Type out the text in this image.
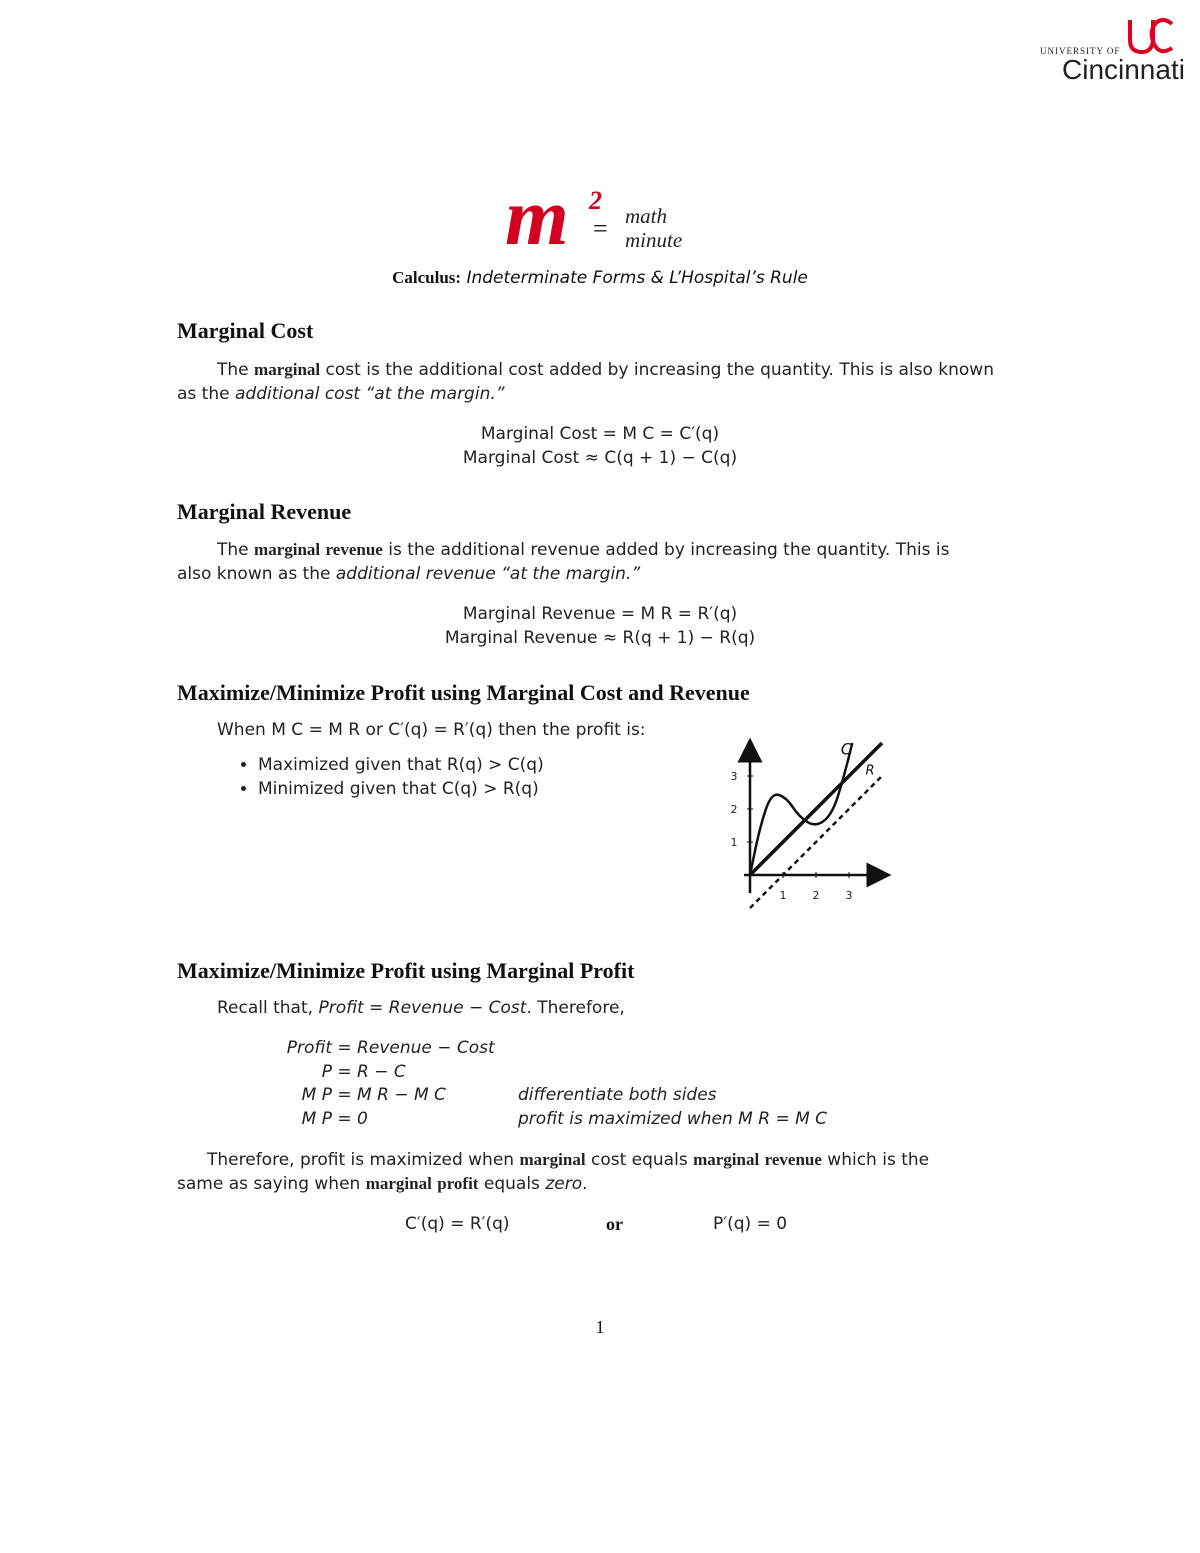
UNIVERSITY OF
Cincinnati
m 2
= math
minute
Calculus: Indeterminate Forms & L’Hospital’s Rule
Marginal Cost
The marginal cost is the additional cost added by increasing the quantity. This is also known
as the additional cost “at the margin.”
Marginal Cost = M C = C′(q)
Marginal Cost ≈ C(q + 1) − C(q)
Marginal Revenue
The marginal revenue is the additional revenue added by increasing the quantity. This is
also known as the additional revenue “at the margin.”
Marginal Revenue = M R = R′(q)
Marginal Revenue ≈ R(q + 1) − R(q)
Maximize/Minimize Profit using Marginal Cost and Revenue
When M C = M R or C′(q) = R′(q) then the profit is:
• Maximized given that R(q) > C(q)
• Minimized given that C(q) > R(q)
1 2 3
1
2
3
C
R
Maximize/Minimize Profit using Marginal Profit
Recall that, Profit = Revenue − Cost. Therefore,
Profit = Revenue − Cost
P = R − C
M P = M R − M C	differentiate both sides
M P = 0	profit is maximized when M R = M C
Therefore, profit is maximized when marginal cost equals marginal revenue which is the
same as saying when marginal profit equals zero.
C′(q) = R′(q)	or	P′(q) = 0
1
